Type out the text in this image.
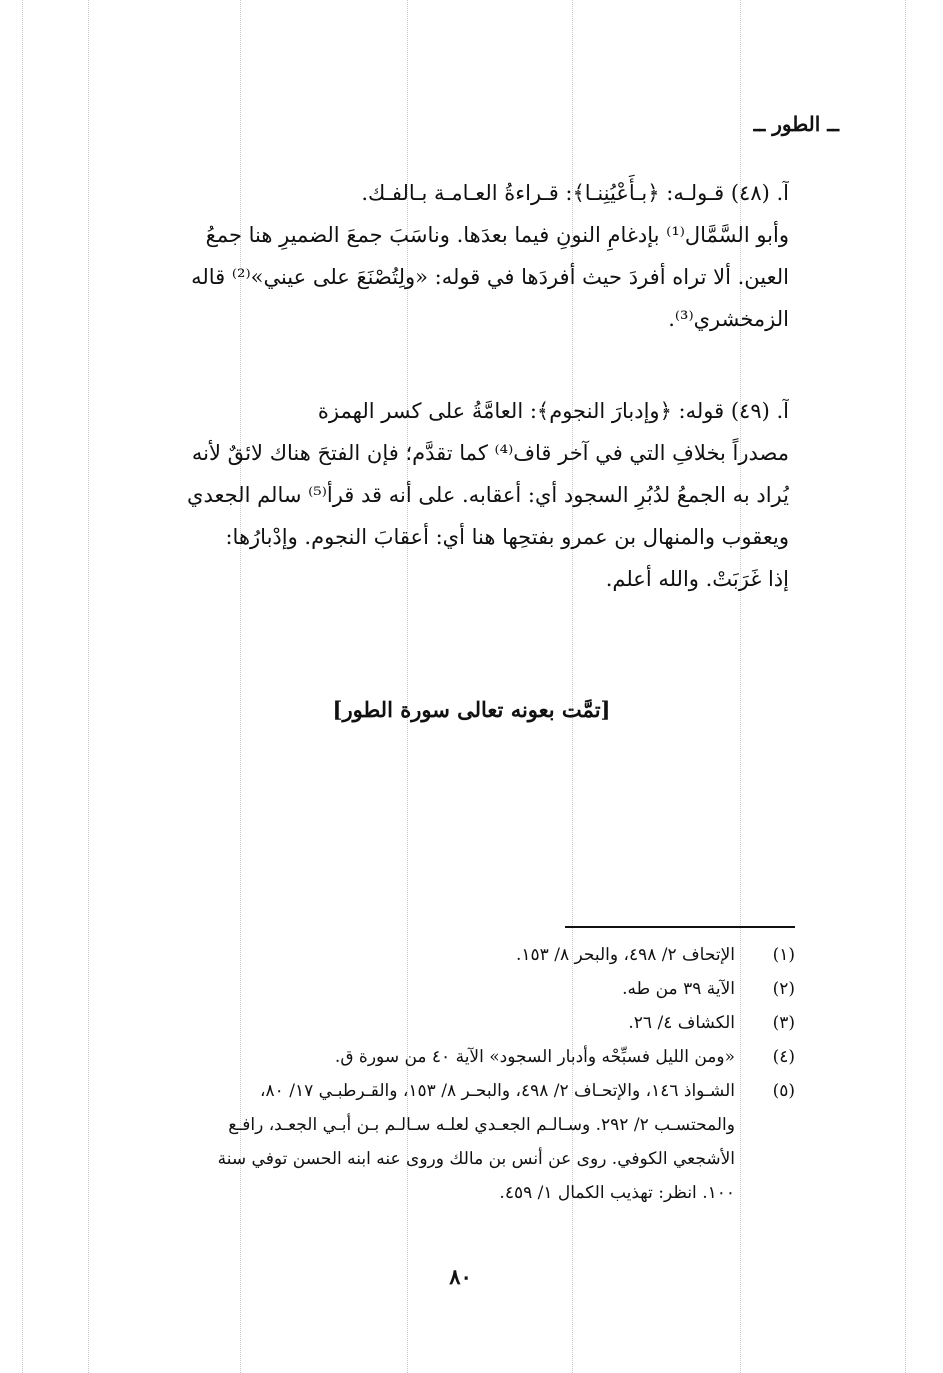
ــ الطور ــ
آ. (٤٨) قـولـه: ﴿بـأَعْيُنِنـا﴾: قـراءةُ العـامـة بـالفـك.
وأبو السَّمَّال⁽¹⁾ بإدغامِ النونِ فيما بعدَها. وناسَبَ جمعَ الضميرِ هنا جمعُ
العين. ألا تراه أفردَ حيث أفردَها في قوله: «ولِتُصْنَعَ على عيني»⁽²⁾ قاله
الزمخشري⁽³⁾.
آ. (٤٩) قوله: ﴿وإدبارَ النجوم﴾: العامَّةُ على كسر الهمزة
مصدراً بخلافِ التي في آخر قاف⁽⁴⁾ كما تقدَّم؛ فإن الفتحَ هناك لائقٌ لأنه
يُراد به الجمعُ لدُبُرِ السجود أي: أعقابه. على أنه قد قرأ⁽⁵⁾ سالم الجعدي
ويعقوب والمنهال بن عمرو بفتحِها هنا أي: أعقابَ النجوم. وإدْبارُها:
إذا غَرَبَتْ. والله أعلم.
[تمَّت بعونه تعالى سورة الطور]
(١)
الإتحاف ٢/ ٤٩٨، والبحر ٨/ ١٥٣.
(٢)
الآية ٣٩ من طه.
(٣)
الكشاف ٤/ ٢٦.
(٤)
«ومن الليل فسبِّحْه وأدبار السجود» الآية ٤٠ من سورة ق.
(٥)
الشـواذ ١٤٦، والإتحـاف ٢/ ٤٩٨، والبحـر ٨/ ١٥٣، والقـرطبـي ١٧/ ٨٠،
والمحتسـب ٢/ ٢٩٢. وسـالـم الجعـدي لعلـه سـالـم بـن أبـي الجعـد، رافـع
الأشجعي الكوفي. روى عن أنس بن مالك وروى عنه ابنه الحسن توفي سنة
١٠٠. انظر: تهذيب الكمال ١/ ٤٥٩.
٨٠
